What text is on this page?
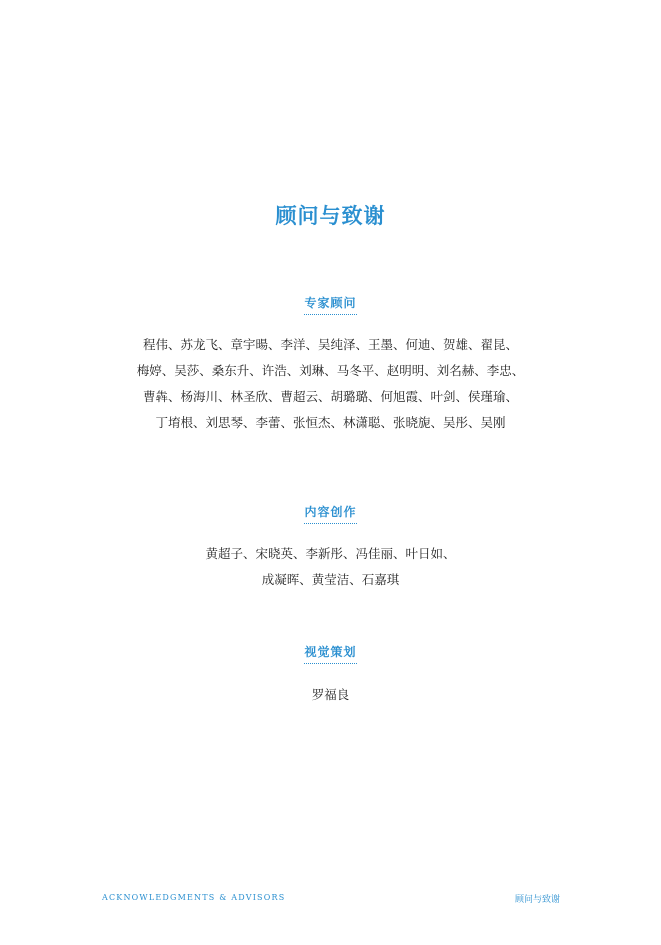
顾问与致谢
专家顾问
程伟、苏龙飞、章宇暘、李洋、吴纯泽、王墨、何迪、贺雄、翟昆、
梅婷、吴莎、桑东升、许浩、刘琳、马冬平、赵明明、刘名赫、李忠、
曹犇、杨海川、林圣欣、曹超云、胡璐璐、何旭霞、叶剑、侯瑾瑜、
丁堉根、刘思琴、李蕾、张恒杰、林潇聪、张晓旎、吴彤、吴刚
内容创作
黄超子、宋晓英、李新彤、冯佳丽、叶日如、
成凝晖、黄莹洁、石嘉琪
视觉策划
罗福良
ACKNOWLEDGMENTS & ADVISORS	顾问与致谢
